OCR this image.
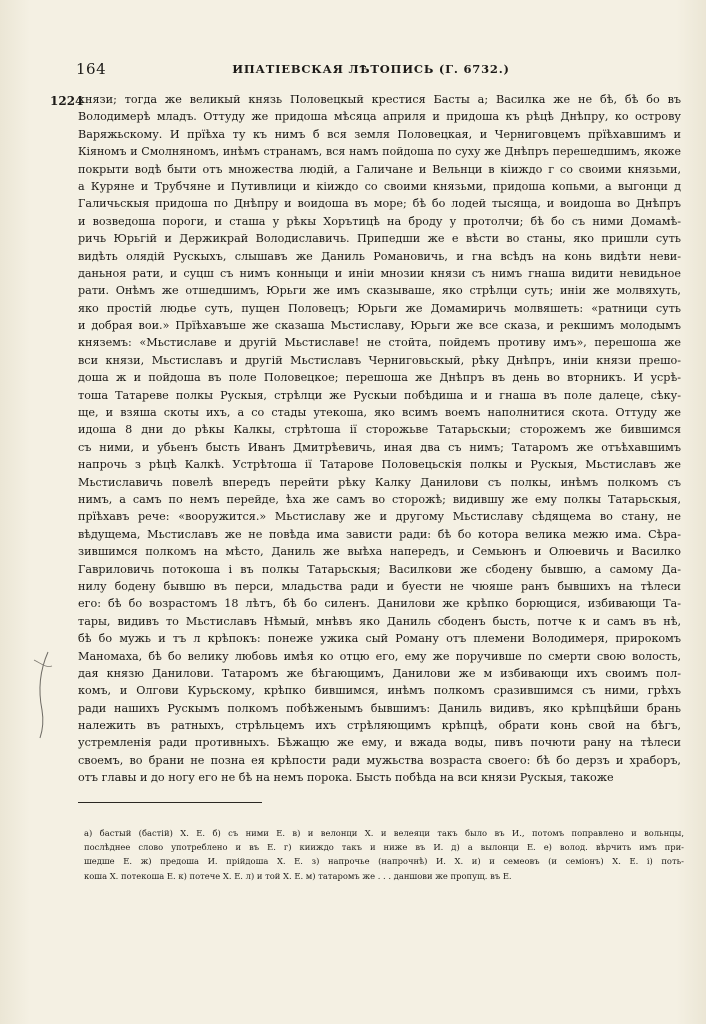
164	ИПАТІЕВСКАЯ ЛѢТОПИСЬ (Г. 6732.)
1224
князи; тогда же великый князь Половецкый крестися Басты а; Василка же не бѣ, бѣ бо въ
Володимерѣ младъ. Оттуду же придоша мѣсяца априля и придоша къ рѣцѣ Днѣпру, ко острову
Варяжьскому. И прїѣха ту къ нимъ б вся земля Половецкая, и Черниговцемъ прїѣхавшимъ и
Кіяномъ и Смолняномъ, инѣмъ странамъ, вся намъ пойдоша по суху же Днѣпръ перешедшимъ, якоже
покрыти водѣ быти отъ множества людій, а Галичане и Вельнци в кіиждо г со своими князьми,
а Куряне и Трубчяне и Путивлици и кіиждо со своими князьми, придоша копьми, а выгонци д
Галичьскыя придоша по Днѣпру и воидоша въ море; бѣ бо лодей тысяща, и воидоша во Днѣпръ
и возведоша пороги, и сташа у рѣкы Хорътицѣ на броду у протолчи; бѣ бо съ ними Домамѣ-
ричь Юрьгій и Держикрай Володиславичь. Припедши же е вѣсти во станы, яко пришли суть
видѣть олядій Рускыхъ, слышавъ же Даниль Романовичь, и гна всѣдъ на конь видѣти неви-
даньноя рати, и суцш съ нимъ конныци и иніи мнозии князи съ нимъ гнаша видити невидьное
рати. Онѣмъ же отшедшимъ, Юрьги же имъ сказываше, яко стрѣлци суть; иніи же молвяхуть,
яко простій людье суть, пущен Половецъ; Юрьги же Домамиричь молвяшеть: «ратници суть
и добрая вои.» Прїѣхавъше же сказаша Мьстиславу, Юрьги же все сказа, и рекшимъ молодымъ
княземъ: «Мьстиславе и другій Мьстиславе! не стойта, пойдемъ противу имъ», перешоша же
вси князи, Мьстиславъ и другій Мьстиславъ Черниговьскый, рѣку Днѣпръ, иніи князи прешо-
доша ж и пойдоша въ поле Половецкое; перешоша же Днѣпръ въ день во вторникъ. И усрѣ-
тоша Татареве полкы Рускыя, стрѣлци же Рускыи побѣдиша и и гнаша въ поле далеце, сѣку-
ще, и взяша скоты ихъ, а со стады утекоша, яко всимъ воемъ наполнитися скота. Оттуду же
идоша 8 дни до рѣкы Калкы, стрѣтоша ії сторожьве Татарьскыи; сторожемъ же бившимся
съ ними, и убьенъ бысть Иванъ Дмитрѣевичь, иная два съ нимъ; Татаромъ же отъѣхавшимъ
напрочь з рѣцѣ Калкѣ. Устрѣтоша ії Татарове Половецьскія полкы и Рускыя, Мьстиславъ же
Мьстиславичь повелѣ впередъ перейти рѣку Калку Данилови съ полкы, инѣмъ полкомъ съ
нимъ, а самъ по немъ перейде, ѣха же самъ во сторожѣ; видившу же ему полкы Татарьскыя,
прїѣхавъ рече: «вооружится.» Мьстиславу же и другому Мьстиславу сѣдящема во стану, не
вѣдущема, Мьстиславъ же не повѣда има зависти ради: бѣ бо котора велика межю има. Сѣра-
зившимся полкомъ на мѣсто, Даниль же выѣха напередъ, и Семьюнъ и Олюевичь и Василко
Гавриловичь потокоша і въ полкы Татарьскыя; Василкови же сбодену бывшю, а самому Да-
нилу бодену бывшю въ перси, младьства ради и буести не чюяше ранъ бывшихъ на тѣлеси
его: бѣ бо возрастомъ 18 лѣтъ, бѣ бо силенъ. Данилови же крѣпко борющися, избивающи Та-
тары, видивъ то Мьстиславъ Нѣмый, мнѣвъ яко Даниль сбоденъ бысть, потче к и самъ въ нѣ,
бѣ бо мужь и тъ л крѣпокъ: понеже ужика сый Роману отъ племени Володимеря, прирокомъ
Маномаха, бѣ бо велику любовь имѣя ко отцю его, ему же поручивше по смерти свою волость,
дая князю Данилови. Татаромъ же бѣгающимъ, Данилови же м избивающи ихъ своимъ пол-
комъ, и Олгови Курьскому, крѣпко бившимся, инѣмъ полкомъ сразившимся съ ними, грѣхъ
ради нашихъ Рускымъ полкомъ побѣженымъ бывшимъ: Даниль видивъ, яко крѣпцѣйши брань
належить въ ратныхъ, стрѣльцемъ ихъ стрѣляющимъ крѣпцѣ, обрати конь свой на бѣгъ,
устремленія ради противныхъ. Бѣжащю же ему, и вжада воды, пивъ почюти рану на тѣлеси
своемъ, во брани не позна ея крѣпости ради мужьства возраста своего: бѣ бо дерзъ и храборъ,
отъ главы и до ногу его не бѣ на немъ порока. Бысть побѣда на вси князи Рускыя, такоже
а) бастый (бастій) Х. Е. б) съ ними Е. в) и велонци Х. и велеяци такъ было въ И., потомъ поправлено и вольнцы,
послѣднее слово употреблено и въ Е. г) кииждо такъ и ниже въ И. д) а вылонци Е. е) волод. вѣрчить имъ при-
шедше Е. ж) предоша И. прійдоша Х. Е. з) напрочье (напрочнѣ) И. Х. и) и семеовъ (и семіонъ) Х. Е. і) поть-
коша Х. потекоша Е. к) потече Х. Е. л) и той Х. Е. м) татаромъ же . . . даншови же пропущ. въ Е.
